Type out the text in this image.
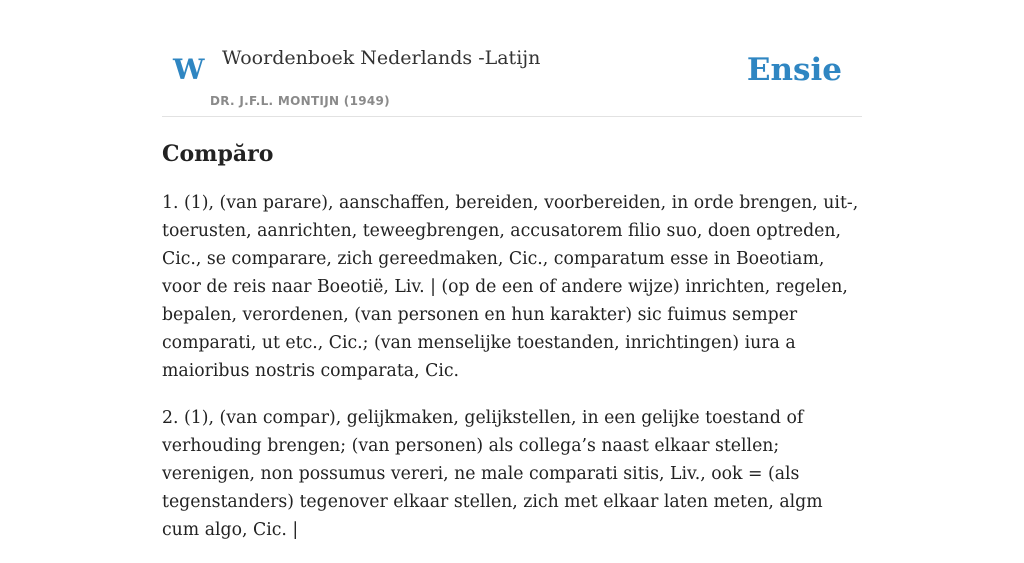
W Woordenboek Nederlands -Latijn
DR. J.F.L. MONTIJN (1949)
Ensie
Compăro

1. (1), (van parare), aanschaffen, bereiden, voorbereiden, in orde brengen, uit-, toerusten, aanrichten, teweegbrengen, accusatorem filio suo, doen optreden, Cic., se comparare, zich gereedmaken, Cic., comparatum esse in Boeotiam, voor de reis naar Boeotië, Liv. | (op de een of andere wijze) inrichten, regelen, bepalen, verordenen, (van personen en hun karakter) sic fuimus semper comparati, ut etc., Cic.; (van menselijke toestanden, inrichtingen) iura a maioribus nostris comparata, Cic.

2. (1), (van compar), gelijkmaken, gelijkstellen, in een gelijke toestand of verhouding brengen; (van personen) als collega’s naast elkaar stellen; verenigen, non possumus vereri, ne male comparati sitis, Liv., ook = (als tegenstanders) tegenover elkaar stellen, zich met elkaar laten meten, algm cum algo, Cic. |
